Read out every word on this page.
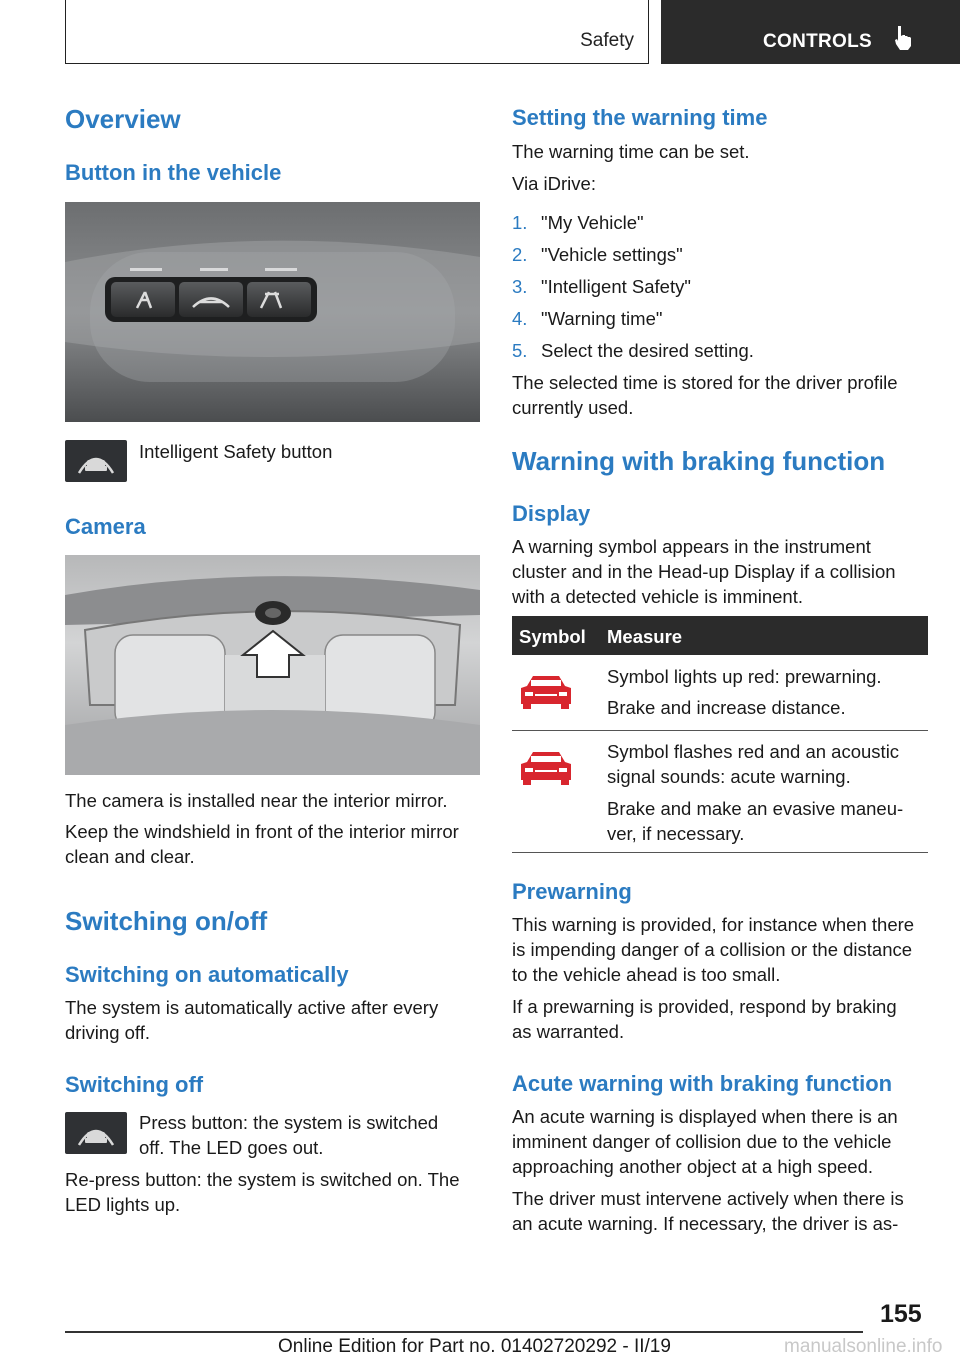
Safety	CONTROLS
Overview
Button in the vehicle
Intelligent Safety button
Camera
The camera is installed near the interior mirror.
Keep the windshield in front of the interior mirror
clean and clear.
Switching on/off
Switching on automatically
The system is automatically active after every
driving off.
Switching off
Press button: the system is switched
off. The LED goes out.
Re-press button: the system is switched on. The
LED lights up.
Setting the warning time
The warning time can be set.
Via iDrive:
1. "My Vehicle"
2. "Vehicle settings"
3. "Intelligent Safety"
4. "Warning time"
5. Select the desired setting.
The selected time is stored for the driver profile
currently used.
Warning with braking function
Display
A warning symbol appears in the instrument
cluster and in the Head-up Display if a collision
with a detected vehicle is imminent.
Symbol Measure
Symbol lights up red: prewarning.
Brake and increase distance.
Symbol flashes red and an acoustic
signal sounds: acute warning.
Brake and make an evasive maneu-
ver, if necessary.
Prewarning
This warning is provided, for instance when there
is impending danger of a collision or the distance
to the vehicle ahead is too small.
If a prewarning is provided, respond by braking
as warranted.
Acute warning with braking function
An acute warning is displayed when there is an
imminent danger of collision due to the vehicle
approaching another object at a high speed.
The driver must intervene actively when there is
an acute warning. If necessary, the driver is as-
155
Online Edition for Part no. 01402720292 - II/19	manualsonline.info
